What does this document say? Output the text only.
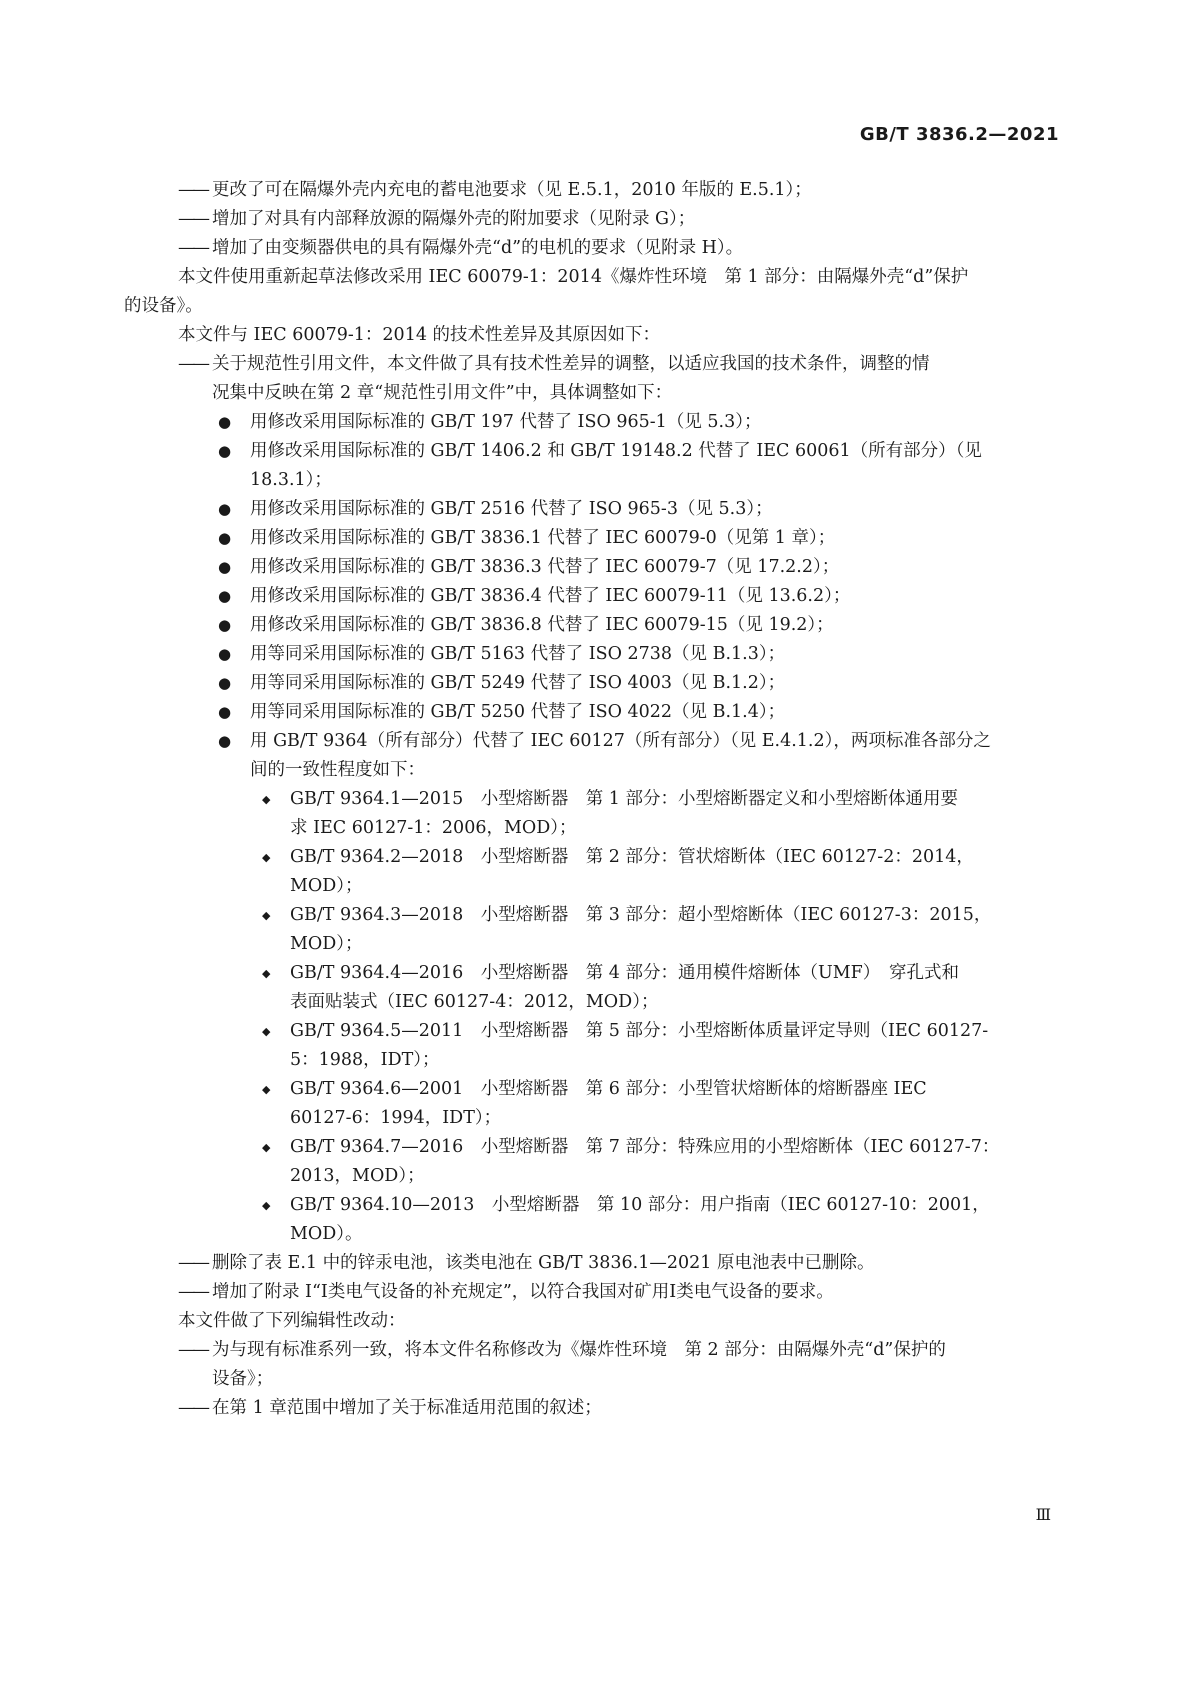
GB/T 3836.2—2021
——
更改了可在隔爆外壳内充电的蓄电池要求（见 E.5.1，2010 年版的 E.5.1）；
——
增加了对具有内部释放源的隔爆外壳的附加要求（见附录 G）；
——
增加了由变频器供电的具有隔爆外壳“d”的电机的要求（见附录 H）。
本文件使用重新起草法修改采用 IEC 60079-1：2014《爆炸性环境　第 1 部分：由隔爆外壳“d”保护
的设备》。
本文件与 IEC 60079-1：2014 的技术性差异及其原因如下：
——
关于规范性引用文件，本文件做了具有技术性差异的调整，以适应我国的技术条件，调整的情
况集中反映在第 2 章“规范性引用文件”中，具体调整如下：
● 用修改采用国际标准的 GB/T 197 代替了 ISO 965-1（见 5.3）；
● 用修改采用国际标准的 GB/T 1406.2 和 GB/T 19148.2 代替了 IEC 60061（所有部分）（见
18.3.1）；
● 用修改采用国际标准的 GB/T 2516 代替了 ISO 965-3（见 5.3）；
● 用修改采用国际标准的 GB/T 3836.1 代替了 IEC 60079-0（见第 1 章）；
● 用修改采用国际标准的 GB/T 3836.3 代替了 IEC 60079-7（见 17.2.2）；
● 用修改采用国际标准的 GB/T 3836.4 代替了 IEC 60079-11（见 13.6.2）；
● 用修改采用国际标准的 GB/T 3836.8 代替了 IEC 60079-15（见 19.2）；
● 用等同采用国际标准的 GB/T 5163 代替了 ISO 2738（见 B.1.3）；
● 用等同采用国际标准的 GB/T 5249 代替了 ISO 4003（见 B.1.2）；
● 用等同采用国际标准的 GB/T 5250 代替了 ISO 4022（见 B.1.4）；
● 用 GB/T 9364（所有部分）代替了 IEC 60127（所有部分）（见 E.4.1.2），两项标准各部分之
间的一致性程度如下：
◆ GB/T 9364.1—2015　小型熔断器　第 1 部分：小型熔断器定义和小型熔断体通用要
求 IEC 60127-1：2006，MOD）；
◆ GB/T 9364.2—2018　小型熔断器　第 2 部分：管状熔断体（IEC 60127-2：2014，
MOD）；
◆ GB/T 9364.3—2018　小型熔断器　第 3 部分：超小型熔断体（IEC 60127-3：2015，
MOD）；
◆ GB/T 9364.4—2016　小型熔断器　第 4 部分：通用模件熔断体（UMF）　穿孔式和
表面贴装式（IEC 60127-4：2012，MOD）；
◆ GB/T 9364.5—2011　小型熔断器　第 5 部分：小型熔断体质量评定导则（IEC 60127-
5：1988，IDT）；
◆ GB/T 9364.6—2001　小型熔断器　第 6 部分：小型管状熔断体的熔断器座 IEC
60127-6：1994，IDT）；
◆ GB/T 9364.7—2016　小型熔断器　第 7 部分：特殊应用的小型熔断体（IEC 60127-7：
2013，MOD）；
◆ GB/T 9364.10—2013　小型熔断器　第 10 部分：用户指南（IEC 60127-10：2001，
MOD）。
——
删除了表 E.1 中的锌汞电池，该类电池在 GB/T 3836.1—2021 原电池表中已删除。
——
增加了附录 I“Ⅰ类电气设备的补充规定”，以符合我国对矿用Ⅰ类电气设备的要求。
本文件做了下列编辑性改动：
——
为与现有标准系列一致，将本文件名称修改为《爆炸性环境　第 2 部分：由隔爆外壳“d”保护的
设备》；
——
在第 1 章范围中增加了关于标准适用范围的叙述；
Ⅲ
